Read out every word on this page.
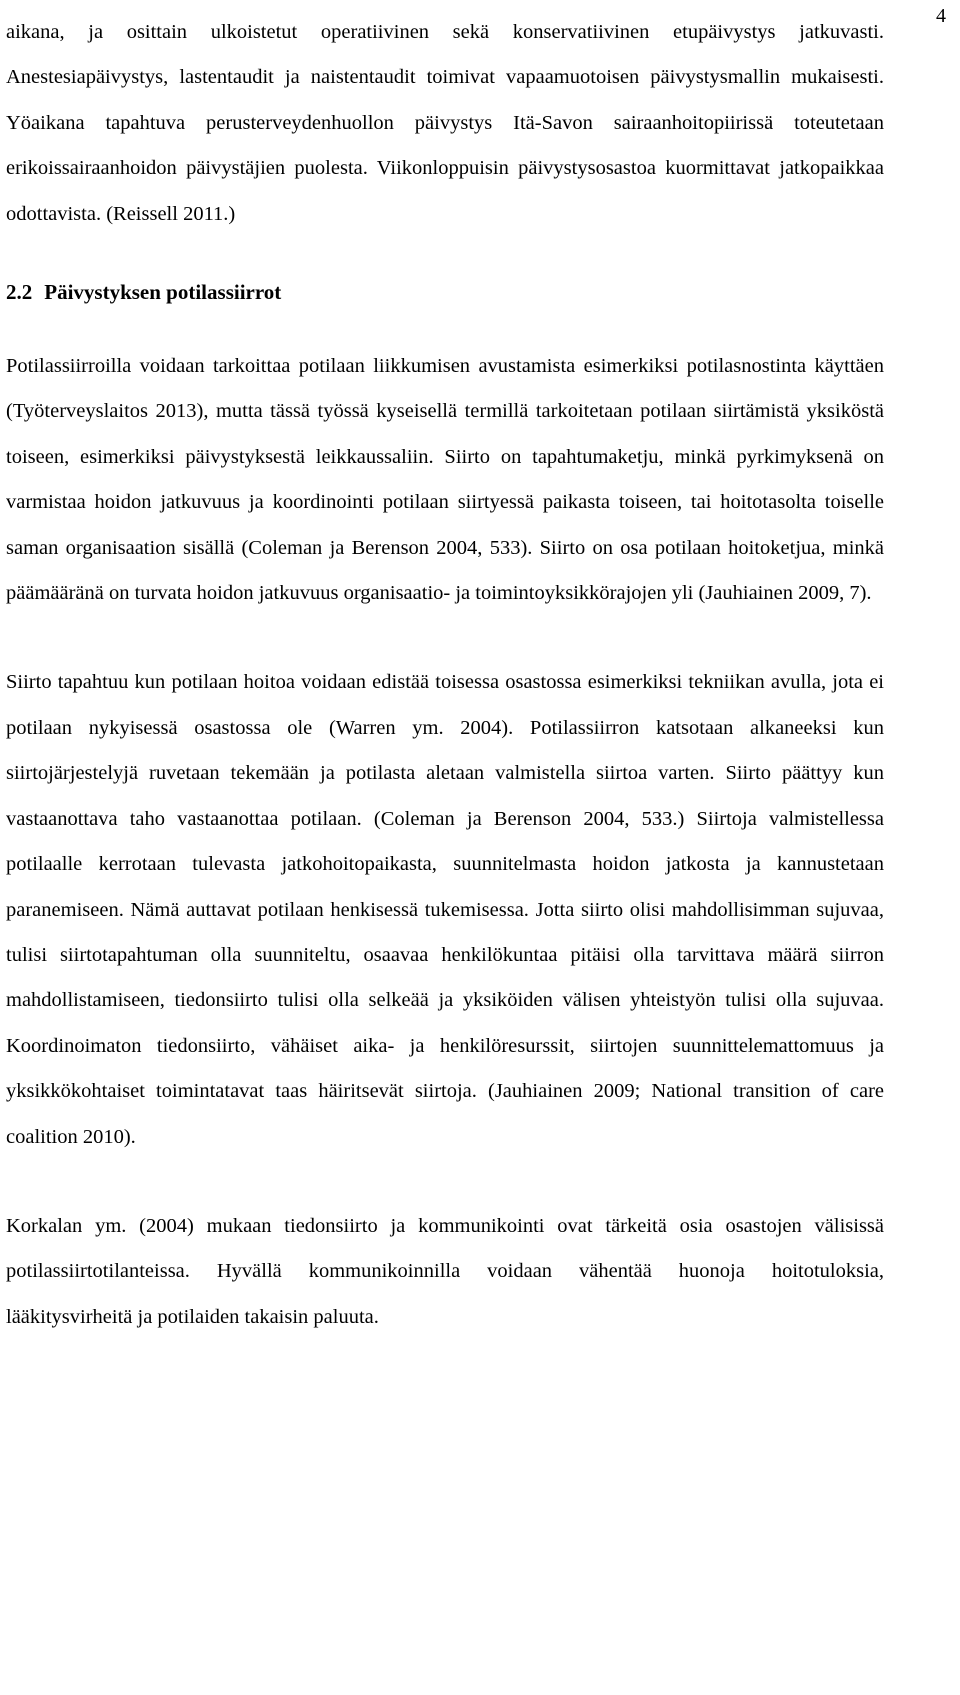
4

aikana, ja osittain ulkoistetut operatiivinen sekä konservatiivinen etupäivystys jatkuvasti. Anestesiapäivystys, lastentaudit ja naistentaudit toimivat vapaamuotoisen päivystysmallin mukaisesti. Yöaikana tapahtuva perusterveydenhuollon päivystys Itä-Savon sairaanhoitopiirissä toteutetaan erikoissairaanhoidon päivystäjien puolesta. Viikonloppuisin päivystysosastoa kuormittavat jatkopaikkaa odottavista. (Reissell 2011.)

2.2 Päivystyksen potilassiirrot

Potilassiirroilla voidaan tarkoittaa potilaan liikkumisen avustamista esimerkiksi potilasnostinta käyttäen (Työterveyslaitos 2013), mutta tässä työssä kyseisellä termillä tarkoitetaan potilaan siirtämistä yksiköstä toiseen, esimerkiksi päivystyksestä leikkaussaliin. Siirto on tapahtumaketju, minkä pyrkimyksenä on varmistaa hoidon jatkuvuus ja koordinointi potilaan siirtyessä paikasta toiseen, tai hoitotasolta toiselle saman organisaation sisällä (Coleman ja Berenson 2004, 533). Siirto on osa potilaan hoitoketjua, minkä päämääränä on turvata hoidon jatkuvuus organisaatio- ja toimintoyksikkörajojen yli (Jauhiainen 2009, 7).

Siirto tapahtuu kun potilaan hoitoa voidaan edistää toisessa osastossa esimerkiksi tekniikan avulla, jota ei potilaan nykyisessä osastossa ole (Warren ym. 2004). Potilassiirron katsotaan alkaneeksi kun siirtojärjestelyjä ruvetaan tekemään ja potilasta aletaan valmistella siirtoa varten. Siirto päättyy kun vastaanottava taho vastaanottaa potilaan. (Coleman ja Berenson 2004, 533.) Siirtoja valmistellessa potilaalle kerrotaan tulevasta jatkohoitopaikasta, suunnitelmasta hoidon jatkosta ja kannustetaan paranemiseen. Nämä auttavat potilaan henkisessä tukemisessa. Jotta siirto olisi mahdollisimman sujuvaa, tulisi siirtotapahtuman olla suunniteltu, osaavaa henkilökuntaa pitäisi olla tarvittava määrä siirron mahdollistamiseen, tiedonsiirto tulisi olla selkeää ja yksiköiden välisen yhteistyön tulisi olla sujuvaa. Koordinoimaton tiedonsiirto, vähäiset aika- ja henkilöresurssit, siirtojen suunnittelemattomuus ja yksikkökohtaiset toimintatavat taas häiritsevät siirtoja. (Jauhiainen 2009; National transition of care coalition 2010).

Korkalan ym. (2004) mukaan tiedonsiirto ja kommunikointi ovat tärkeitä osia osastojen välisissä potilassiirtotilanteissa. Hyvällä kommunikoinnilla voidaan vähentää huonoja hoitotuloksia, lääkitysvirheitä ja potilaiden takaisin paluuta.
